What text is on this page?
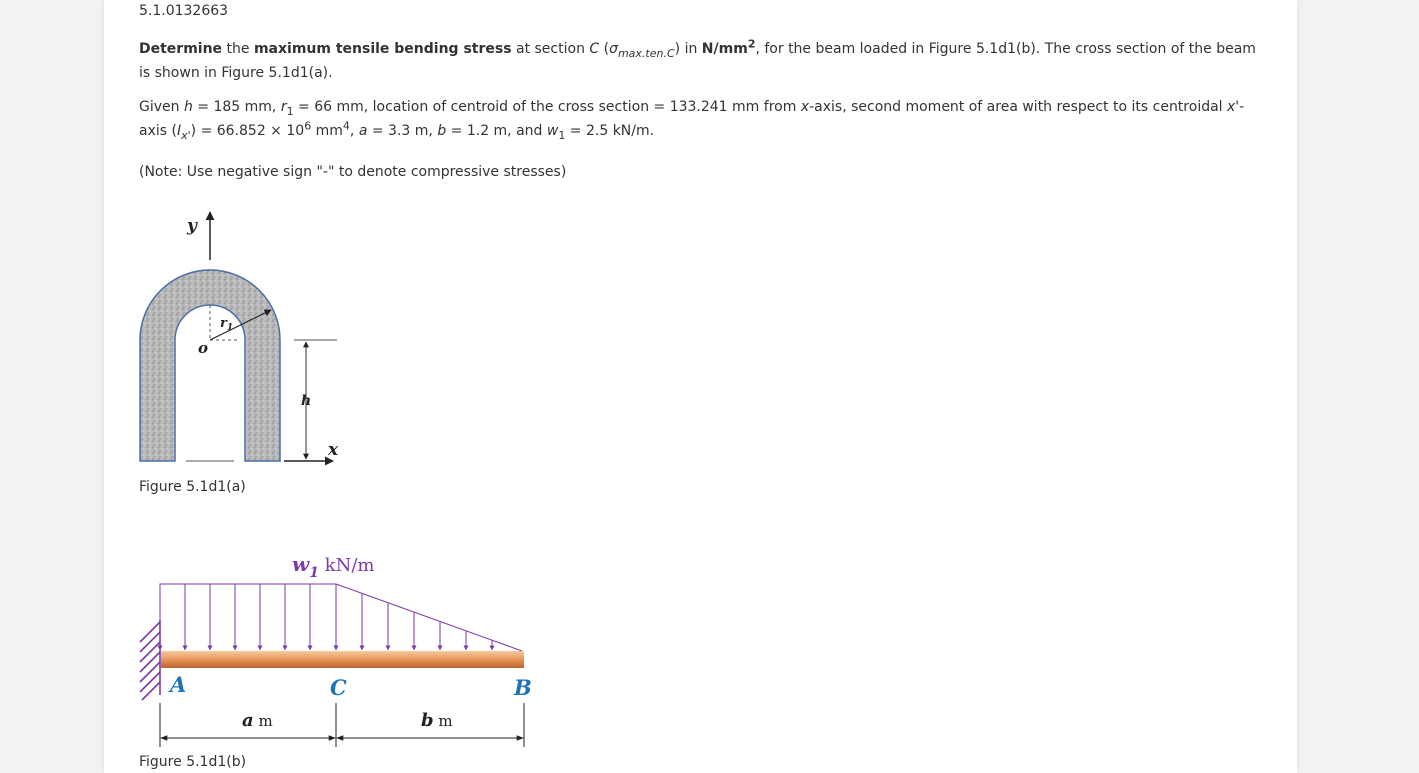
5.1.0132663
Determine the maximum tensile bending stress at section C $(\sigma_{max.ten.C})$ in $N/mm^2$, for the beam loaded in Figure 5.1d1(b). The cross section of the beam is shown in Figure 5.1d1(a).
Given h = 185 mm, $r_1 = 66$ mm, location of centroid of the cross section = 133.241 mm from x-axis, second moment of area with respect to its centroidal x'-axis $(I_{x'}) = 66.852 \times 10^6$ $mm^4$, a = 3.3 m, b = 1.2 m, and $w_1 = 2.5$ kN/m.
(Note: Use negative sign "-" to denote compressive stresses)
y
$r_1$
o
h
x
Figure 5.1d1(a)
$w_1$ kN/m
A	C	B
a m	b m
Figure 5.1d1(b)
